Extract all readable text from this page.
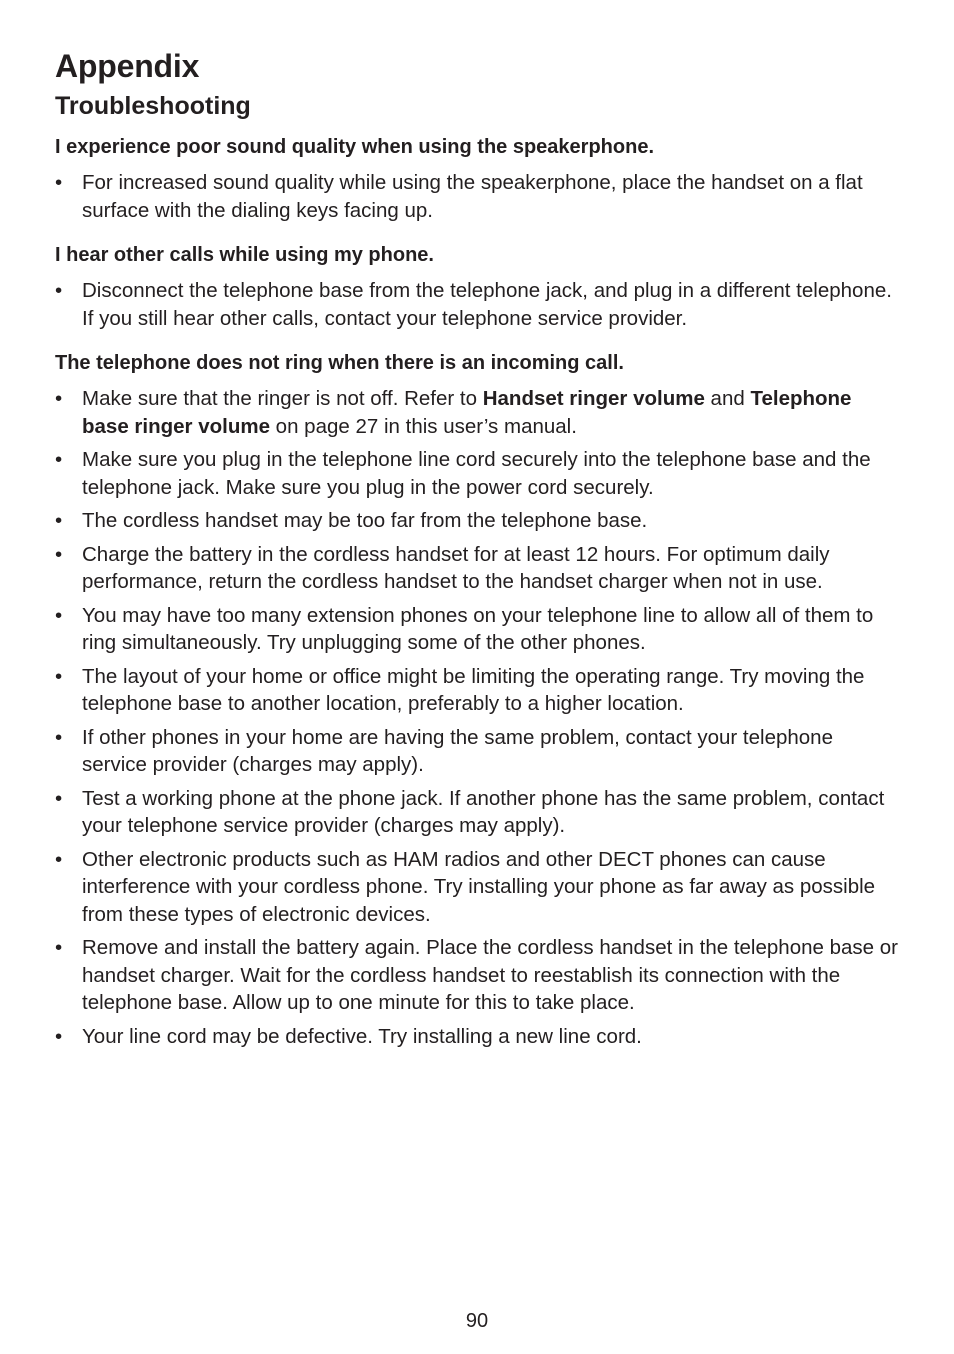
Appendix
Troubleshooting

I experience poor sound quality when using the speakerphone.

• For increased sound quality while using the speakerphone, place the handset on a flat surface with the dialing keys facing up.

I hear other calls while using my phone.

• Disconnect the telephone base from the telephone jack, and plug in a different telephone. If you still hear other calls, contact your telephone service provider.

The telephone does not ring when there is an incoming call.

• Make sure that the ringer is not off. Refer to Handset ringer volume and Telephone base ringer volume on page 27 in this user’s manual.
• Make sure you plug in the telephone line cord securely into the telephone base and the telephone jack. Make sure you plug in the power cord securely.
• The cordless handset may be too far from the telephone base.
• Charge the battery in the cordless handset for at least 12 hours. For optimum daily performance, return the cordless handset to the handset charger when not in use.
• You may have too many extension phones on your telephone line to allow all of them to ring simultaneously. Try unplugging some of the other phones.
• The layout of your home or office might be limiting the operating range. Try moving the telephone base to another location, preferably to a higher location.
• If other phones in your home are having the same problem, contact your telephone service provider (charges may apply).
• Test a working phone at the phone jack. If another phone has the same problem, contact your telephone service provider (charges may apply).
• Other electronic products such as HAM radios and other DECT phones can cause interference with your cordless phone. Try installing your phone as far away as possible from these types of electronic devices.
• Remove and install the battery again. Place the cordless handset in the telephone base or handset charger. Wait for the cordless handset to reestablish its connection with the telephone base. Allow up to one minute for this to take place.
• Your line cord may be defective. Try installing a new line cord.
90
